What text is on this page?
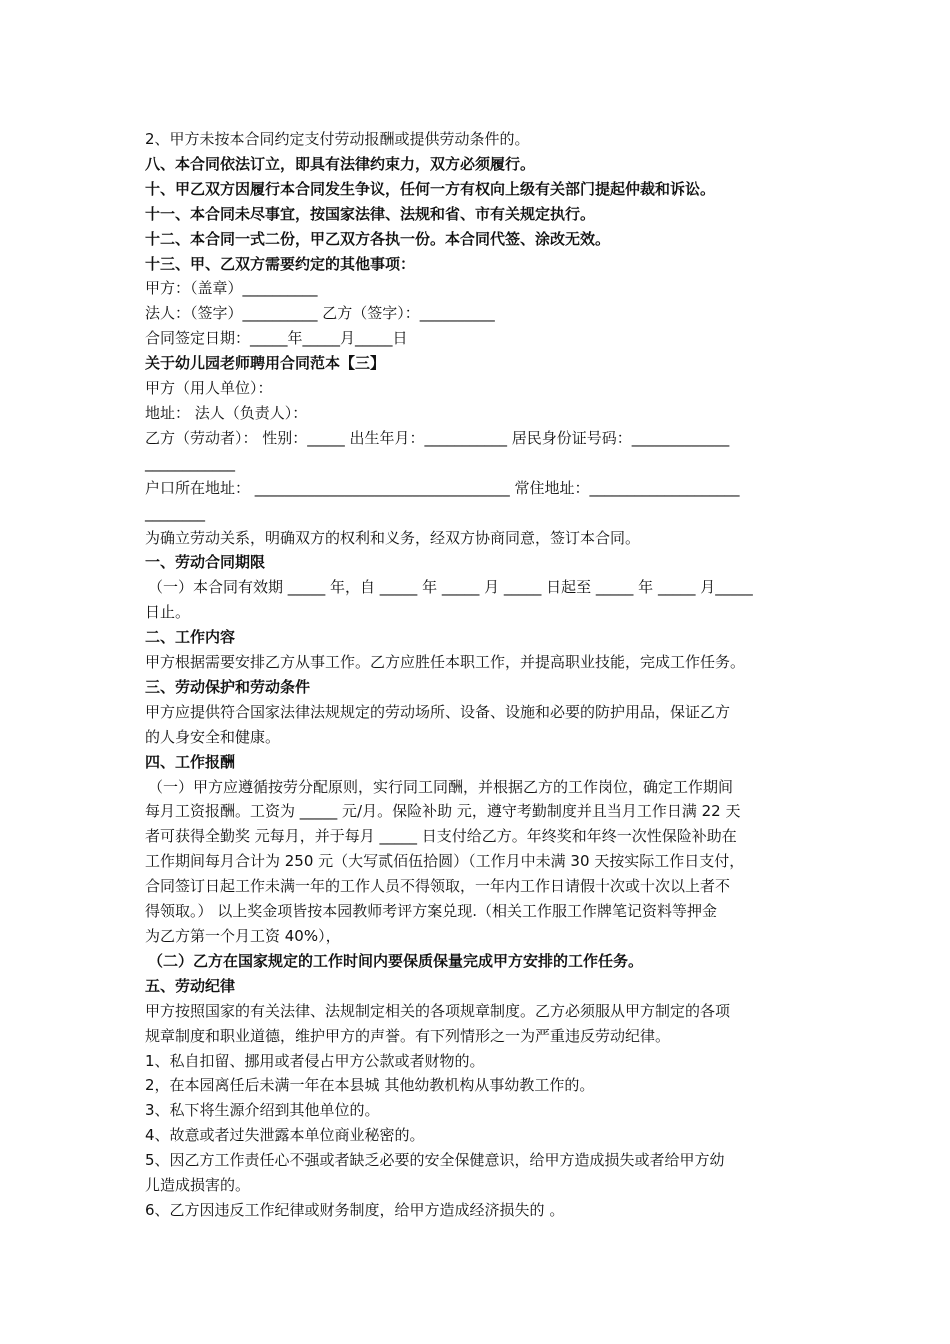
2、甲方未按本合同约定支付劳动报酬或提供劳动条件的。
八、本合同依法订立，即具有法律约束力，双方必须履行。
十、甲乙双方因履行本合同发生争议，任何一方有权向上级有关部门提起仲裁和诉讼。
十一、本合同未尽事宜，按国家法律、法规和省、市有关规定执行。
十二、本合同一式二份，甲乙双方各执一份。本合同代签、涂改无效。
十三、甲、乙双方需要约定的其他事项：
甲方：（盖章）__________
法人：（签字）__________ 乙方（签字）：__________
合同签定日期：_____年_____月_____日
关于幼儿园老师聘用合同范本【三】
甲方（用人单位）：
地址： 法人（负责人）：
乙方（劳动者）： 性别：_____ 出生年月：___________ 居民身份证号码：_____________
____________
户口所在地址： __________________________________ 常住地址：____________________
________
为确立劳动关系，明确双方的权利和义务，经双方协商同意，签订本合同。
一、劳动合同期限
（一）本合同有效期 _____ 年，自 _____ 年 _____ 月 _____ 日起至 _____ 年 _____ 月_____
日止。
二、工作内容
甲方根据需要安排乙方从事工作。乙方应胜任本职工作，并提高职业技能，完成工作任务。
三、劳动保护和劳动条件
甲方应提供符合国家法律法规规定的劳动场所、设备、设施和必要的防护用品，保证乙方
的人身安全和健康。
四、工作报酬
（一）甲方应遵循按劳分配原则，实行同工同酬，并根据乙方的工作岗位，确定工作期间
每月工资报酬。工资为 _____ 元/月。保险补助 元，遵守考勤制度并且当月工作日满 22 天
者可获得全勤奖 元每月，并于每月 _____ 日支付给乙方。年终奖和年终一次性保险补助在
工作期间每月合计为 250 元（大写贰佰伍拾圆）（工作月中未满 30 天按实际工作日支付，
合同签订日起工作未满一年的工作人员不得领取，一年内工作日请假十次或十次以上者不
得领取。） 以上奖金项皆按本园教师考评方案兑现.（相关工作服工作牌笔记资料等押金
为乙方第一个月工资 40%），
（二）乙方在国家规定的工作时间内要保质保量完成甲方安排的工作任务。
五、劳动纪律
甲方按照国家的有关法律、法规制定相关的各项规章制度。乙方必须服从甲方制定的各项
规章制度和职业道德，维护甲方的声誉。有下列情形之一为严重违反劳动纪律。
1、私自扣留、挪用或者侵占甲方公款或者财物的。
2，在本园离任后未满一年在本县城 其他幼教机构从事幼教工作的。
3、私下将生源介绍到其他单位的。
4、故意或者过失泄露本单位商业秘密的。
5、因乙方工作责任心不强或者缺乏必要的安全保健意识，给甲方造成损失或者给甲方幼
儿造成损害的。
6、乙方因违反工作纪律或财务制度，给甲方造成经济损失的 。
